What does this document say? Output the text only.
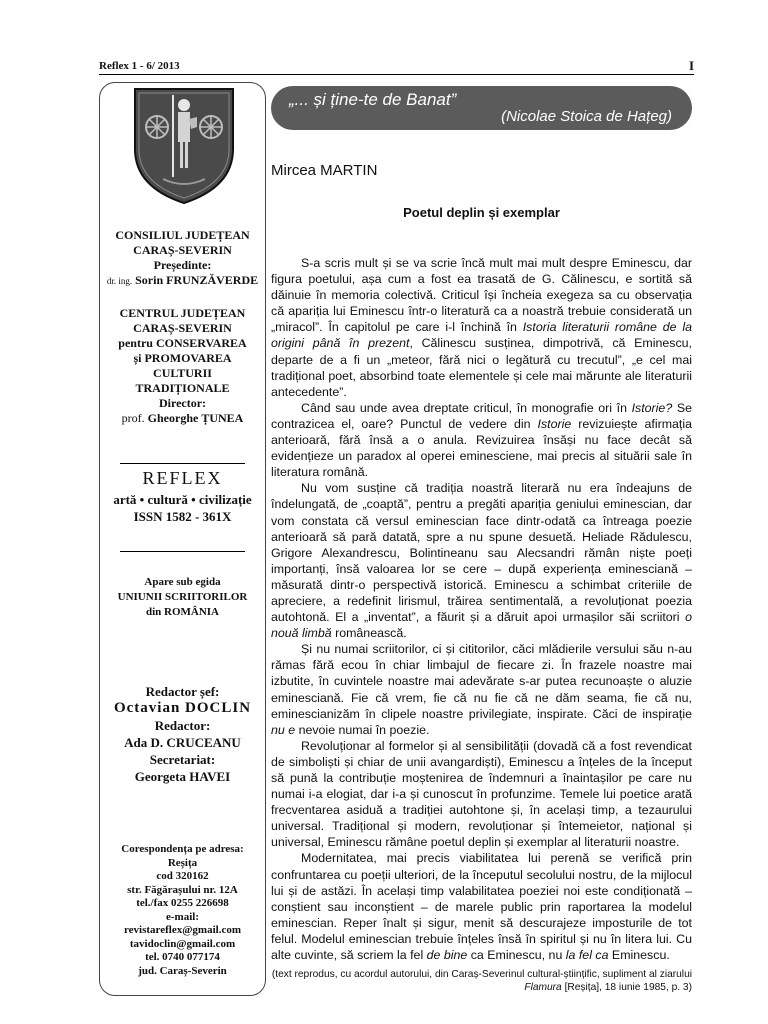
Reflex 1 - 6/ 2013	I
CONSILIUL JUDEȚEAN
CARAȘ-SEVERIN
Președinte:
dr. ing. Sorin FRUNZĂVERDE
CENTRUL JUDEȚEAN
CARAȘ-SEVERIN
pentru CONSERVAREA
și PROMOVAREA
CULTURII
TRADIȚIONALE
Director:
prof. Gheorghe ȚUNEA
REFLEX
artă • cultură • civilizație
ISSN 1582 - 361X
Apare sub egida
UNIUNII SCRIITORILOR
din ROMÂNIA
Redactor șef:
Octavian DOCLIN
Redactor:
Ada D. CRUCEANU
Secretariat:
Georgeta HAVEI
Corespondența pe adresa:
Reșița
cod 320162
str. Făgărașului nr. 12A
tel./fax 0255 226698
e-mail:
revistareflex@gmail.com
tavidoclin@gmail.com
tel. 0740 077174
jud. Caraș-Severin
„... și ține-te de Banat”
(Nicolae Stoica de Hațeg)
Mircea MARTIN
Poetul deplin și exemplar

S-a scris mult și se va scrie încă mult mai mult despre Eminescu, dar figura poetului, așa cum a fost ea trasată de G. Călinescu, e sortită să dăinuie în memoria colectivă. Criticul își încheia exegeza sa cu observația că apariția lui Eminescu într-o literatură ca a noastră trebuie considerată un „miracol”. În capitolul pe care i-l închină în Istoria literaturii române de la origini până în prezent, Călinescu susținea, dimpotrivă, că Eminescu, departe de a fi un „meteor, fără nici o legătură cu trecutul”, „e cel mai tradițional poet, absorbind toate elementele și cele mai mărunte ale literaturii antecedente”.

Când sau unde avea dreptate criticul, în monografie ori în Istorie? Se contrazicea el, oare? Punctul de vedere din Istorie revizuiește afirmația anterioară, fără însă a o anula. Revizuirea însăși nu face decât să evidențieze un paradox al operei eminesciene, mai precis al situării sale în literatura română.

Nu vom susține că tradiția noastră literară nu era îndeajuns de îndelungată, de „coaptă”, pentru a pregăti apariția geniului eminescian, dar vom constata că versul eminescian face dintr-odată ca întreaga poezie anterioară să pară datată, spre a nu spune desuetă. Heliade Rădulescu, Grigore Alexandrescu, Bolintineanu sau Alecsandri rămân niște poeți importanți, însă valoarea lor se cere – după experiența eminesciană – măsurată dintr-o perspectivă istorică. Eminescu a schimbat criteriile de apreciere, a redefinit lirismul, trăirea sentimentală, a revoluționat poezia autohtonă. El a „inventat”, a făurit și a dăruit apoi urmașilor săi scriitori o nouă limbă românească.

Și nu numai scriitorilor, ci și cititorilor, căci mlădierile versului său n-au rămas fără ecou în chiar limbajul de fiecare zi. În frazele noastre mai izbutite, în cuvintele noastre mai adevărate s-ar putea recunoaște o aluzie eminesciană. Fie că vrem, fie că nu fie că ne dăm seama, fie că nu, eminescianizăm în clipele noastre privilegiate, inspirate. Căci de inspirație nu e nevoie numai în poezie.

Revoluționar al formelor și al sensibilității (dovadă că a fost revendicat de simboliști și chiar de unii avangardiști), Eminescu a înțeles de la început să pună la contribuție moștenirea de îndemnuri a înaintașilor pe care nu numai i-a elogiat, dar i-a și cunoscut în profunzime. Temele lui poetice arată frecventarea asiduă a tradiției autohtone și, în același timp, a tezaurului universal. Tradițional și modern, revoluționar și întemeietor, național și universal, Eminescu rămâne poetul deplin și exemplar al literaturii noastre.

Modernitatea, mai precis viabilitatea lui perenă se verifică prin confruntarea cu poeții ulteriori, de la începutul secolului nostru, de la mijlocul lui și de astăzi. În același timp valabilitatea poeziei noi este condiționată – conștient sau inconștient – de marele public prin raportarea la modelul eminescian. Reper înalt și sigur, menit să descurajeze imposturile de tot felul. Modelul eminescian trebuie înțeles însă în spiritul și nu în litera lui. Cu alte cuvinte, să scriem la fel de bine ca Eminescu, nu la fel ca Eminescu.

(text reprodus, cu acordul autorului, din Caraș-Severinul cultural-științific, supliment al ziarului Flamura [Reșița], 18 iunie 1985, p. 3)
